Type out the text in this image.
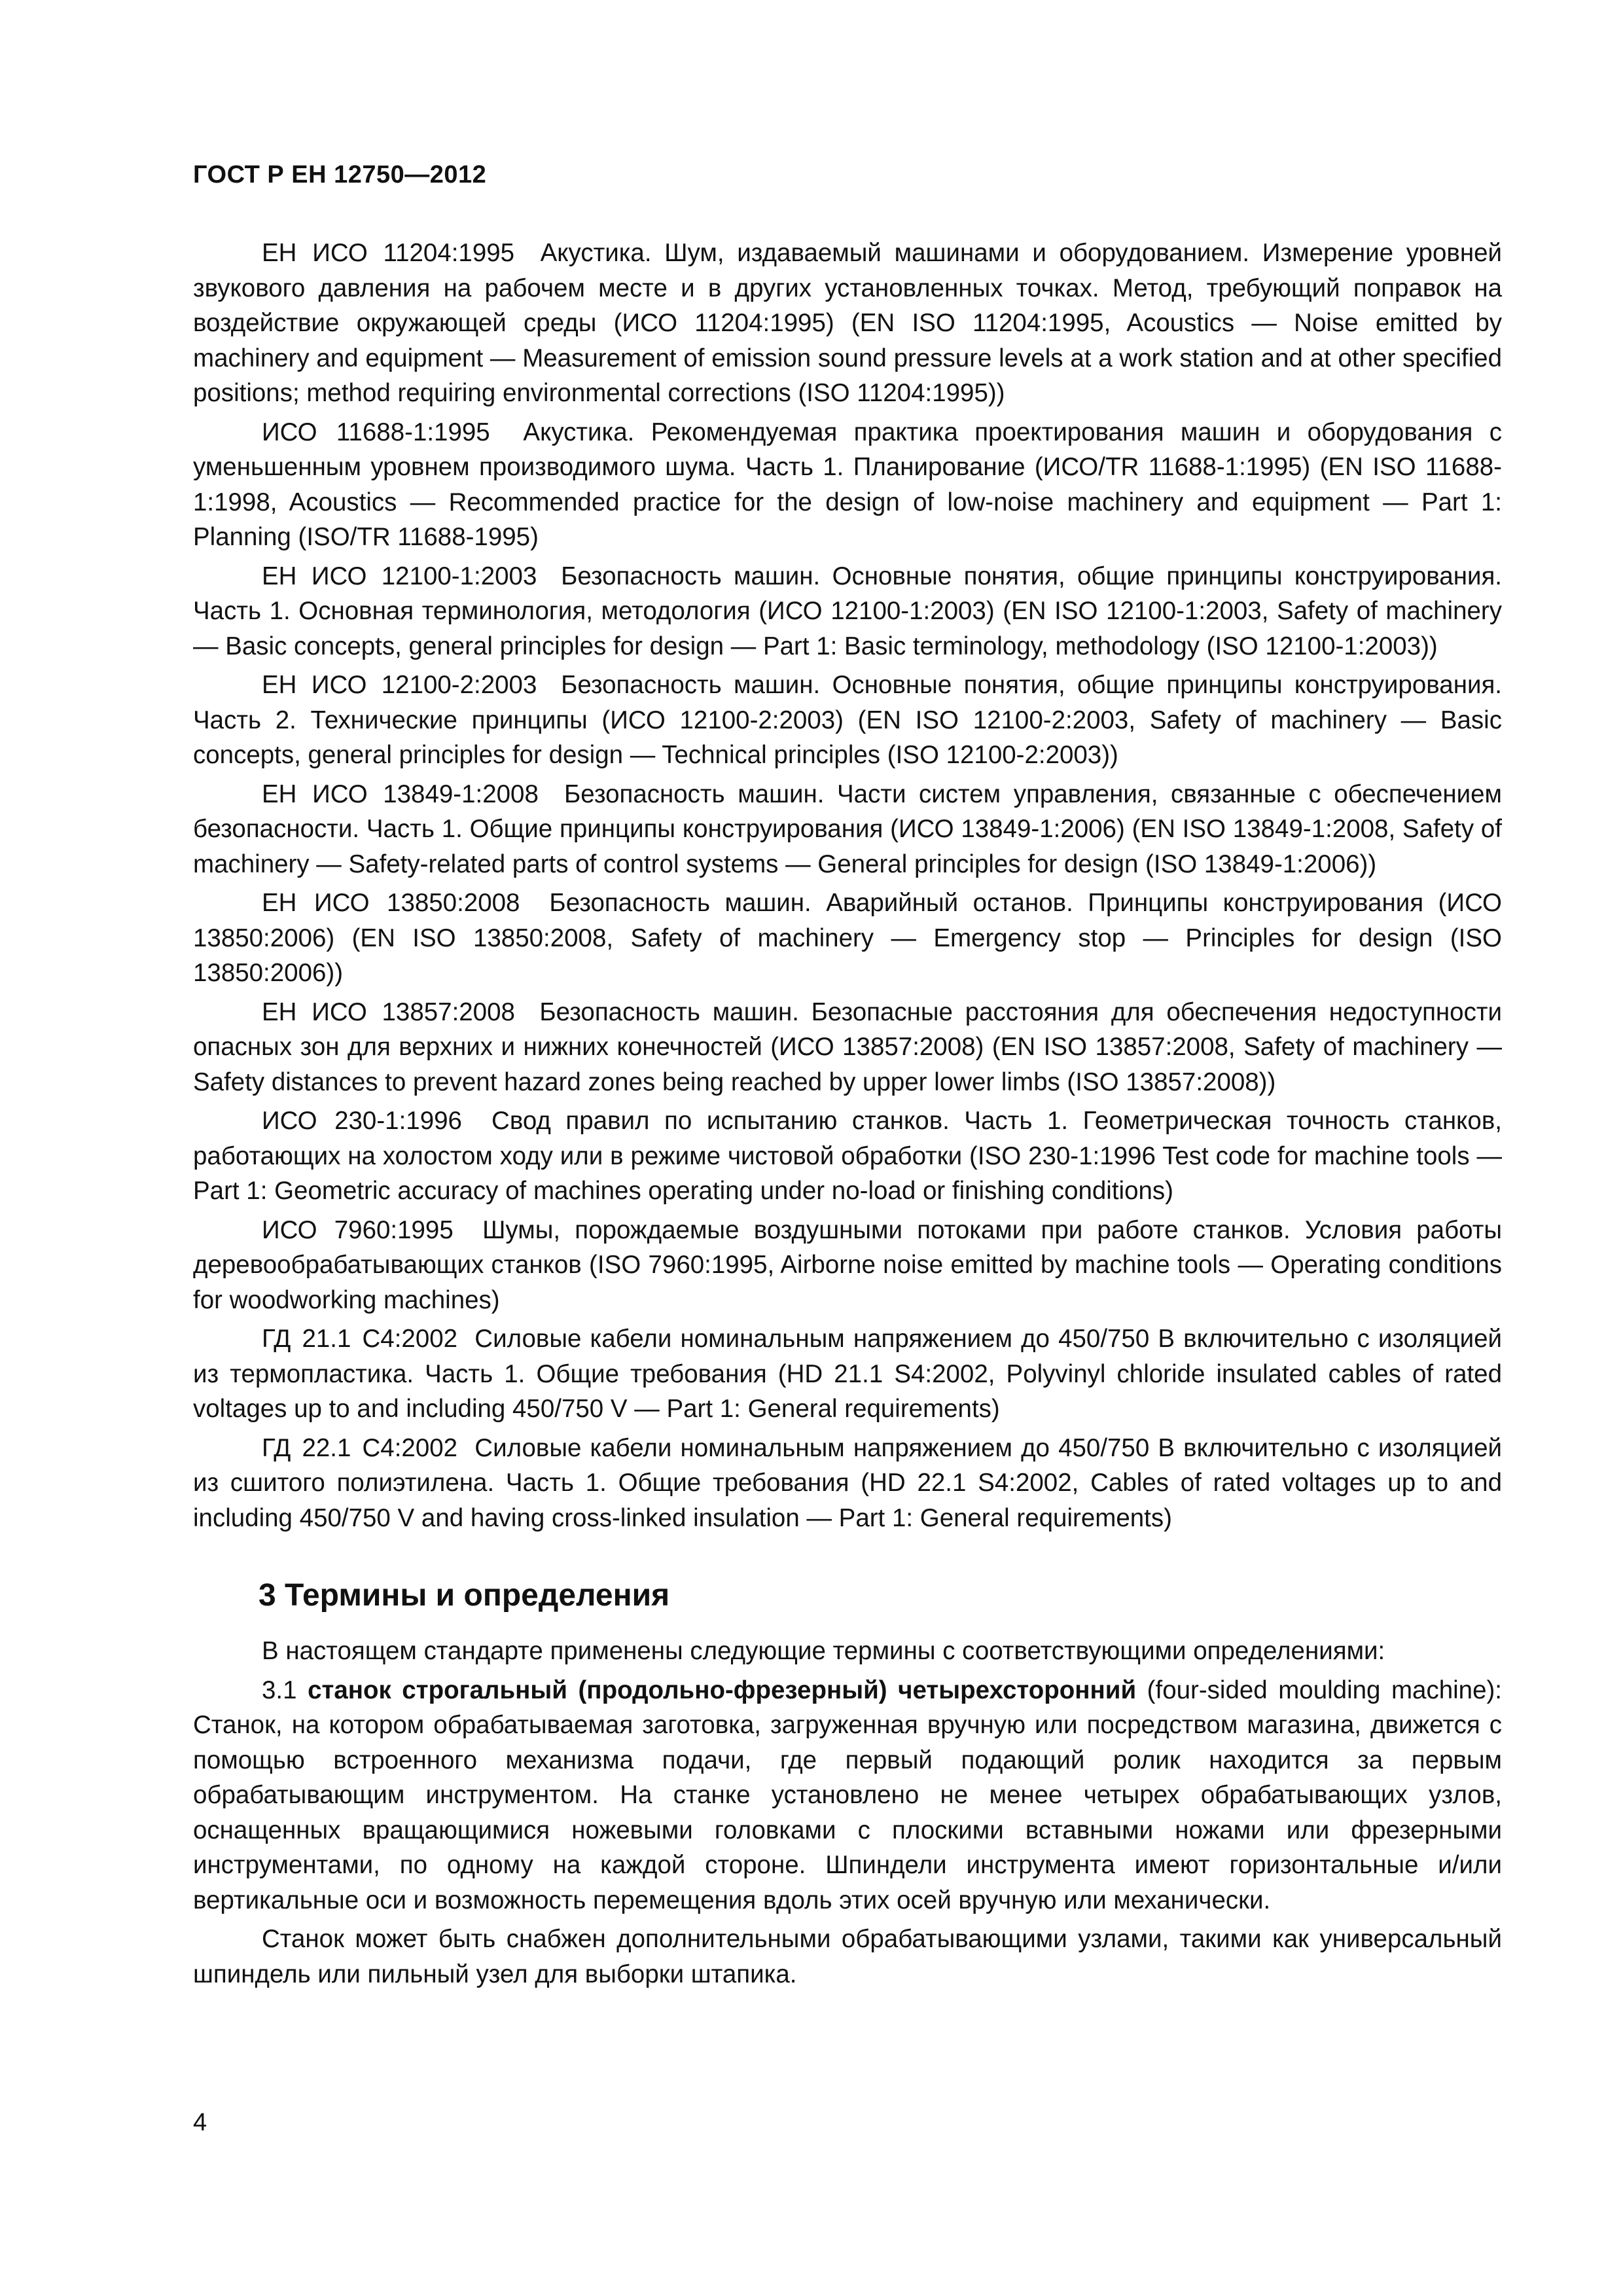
ГОСТ Р ЕН 12750—2012

ЕН ИСО 11204:1995 Акустика. Шум, издаваемый машинами и оборудованием. Измерение уровней звукового давления на рабочем месте и в других установленных точках. Метод, требующий поправок на воздействие окружающей среды (ИСО 11204:1995) (EN ISO 11204:1995, Acoustics — Noise emitted by machinery and equipment — Measurement of emission sound pressure levels at a work station and at other specified positions; method requiring environmental corrections (ISO 11204:1995))

ИСО 11688-1:1995 Акустика. Рекомендуемая практика проектирования машин и оборудования с уменьшенным уровнем производимого шума. Часть 1. Планирование (ИСО/TR 11688-1:1995) (EN ISO 11688-1:1998, Acoustics — Recommended practice for the design of low-noise machinery and equipment — Part 1: Planning (ISO/TR 11688-1995)

ЕН ИСО 12100-1:2003 Безопасность машин. Основные понятия, общие принципы конструирования. Часть 1. Основная терминология, методология (ИСО 12100-1:2003) (EN ISO 12100-1:2003, Safety of machinery — Basic concepts, general principles for design — Part 1: Basic terminology, methodology (ISO 12100-1:2003))

ЕН ИСО 12100-2:2003 Безопасность машин. Основные понятия, общие принципы конструирования. Часть 2. Технические принципы (ИСО 12100-2:2003) (EN ISO 12100-2:2003, Safety of machinery — Basic concepts, general principles for design — Technical principles (ISO 12100-2:2003))

ЕН ИСО 13849-1:2008 Безопасность машин. Части систем управления, связанные с обеспечением безопасности. Часть 1. Общие принципы конструирования (ИСО 13849-1:2006) (EN ISO 13849-1:2008, Safety of machinery — Safety-related parts of control systems — General principles for design (ISO 13849-1:2006))

ЕН ИСО 13850:2008 Безопасность машин. Аварийный останов. Принципы конструирования (ИСО 13850:2006) (EN ISO 13850:2008, Safety of machinery — Emergency stop — Principles for design (ISO 13850:2006))

ЕН ИСО 13857:2008 Безопасность машин. Безопасные расстояния для обеспечения недоступности опасных зон для верхних и нижних конечностей (ИСО 13857:2008) (EN ISO 13857:2008, Safety of machinery — Safety distances to prevent hazard zones being reached by upper lower limbs (ISO 13857:2008))

ИСО 230-1:1996 Свод правил по испытанию станков. Часть 1. Геометрическая точность станков, работающих на холостом ходу или в режиме чистовой обработки (ISO 230-1:1996 Test code for machine tools — Part 1: Geometric accuracy of machines operating under no-load or finishing conditions)

ИСО 7960:1995 Шумы, порождаемые воздушными потоками при работе станков. Условия работы деревообрабатывающих станков (ISO 7960:1995, Airborne noise emitted by machine tools — Operating conditions for woodworking machines)

ГД 21.1 С4:2002 Силовые кабели номинальным напряжением до 450/750 В включительно с изоляцией из термопластика. Часть 1. Общие требования (HD 21.1 S4:2002, Polyvinyl chloride insulated cables of rated voltages up to and including 450/750 V — Part 1: General requirements)

ГД 22.1 С4:2002 Силовые кабели номинальным напряжением до 450/750 В включительно с изоляцией из сшитого полиэтилена. Часть 1. Общие требования (HD 22.1 S4:2002, Cables of rated voltages up to and including 450/750 V and having cross-linked insulation — Part 1: General requirements)

3 Термины и определения

В настоящем стандарте применены следующие термины с соответствующими определениями:

3.1 станок строгальный (продольно-фрезерный) четырехсторонний (four-sided moulding machine): Станок, на котором обрабатываемая заготовка, загруженная вручную или посредством магазина, движется с помощью встроенного механизма подачи, где первый подающий ролик находится за первым обрабатывающим инструментом. На станке установлено не менее четырех обрабатывающих узлов, оснащенных вращающимися ножевыми головками с плоскими вставными ножами или фрезерными инструментами, по одному на каждой стороне. Шпиндели инструмента имеют горизонтальные и/или вертикальные оси и возможность перемещения вдоль этих осей вручную или механически.

Станок может быть снабжен дополнительными обрабатывающими узлами, такими как универсальный шпиндель или пильный узел для выборки штапика.

4
